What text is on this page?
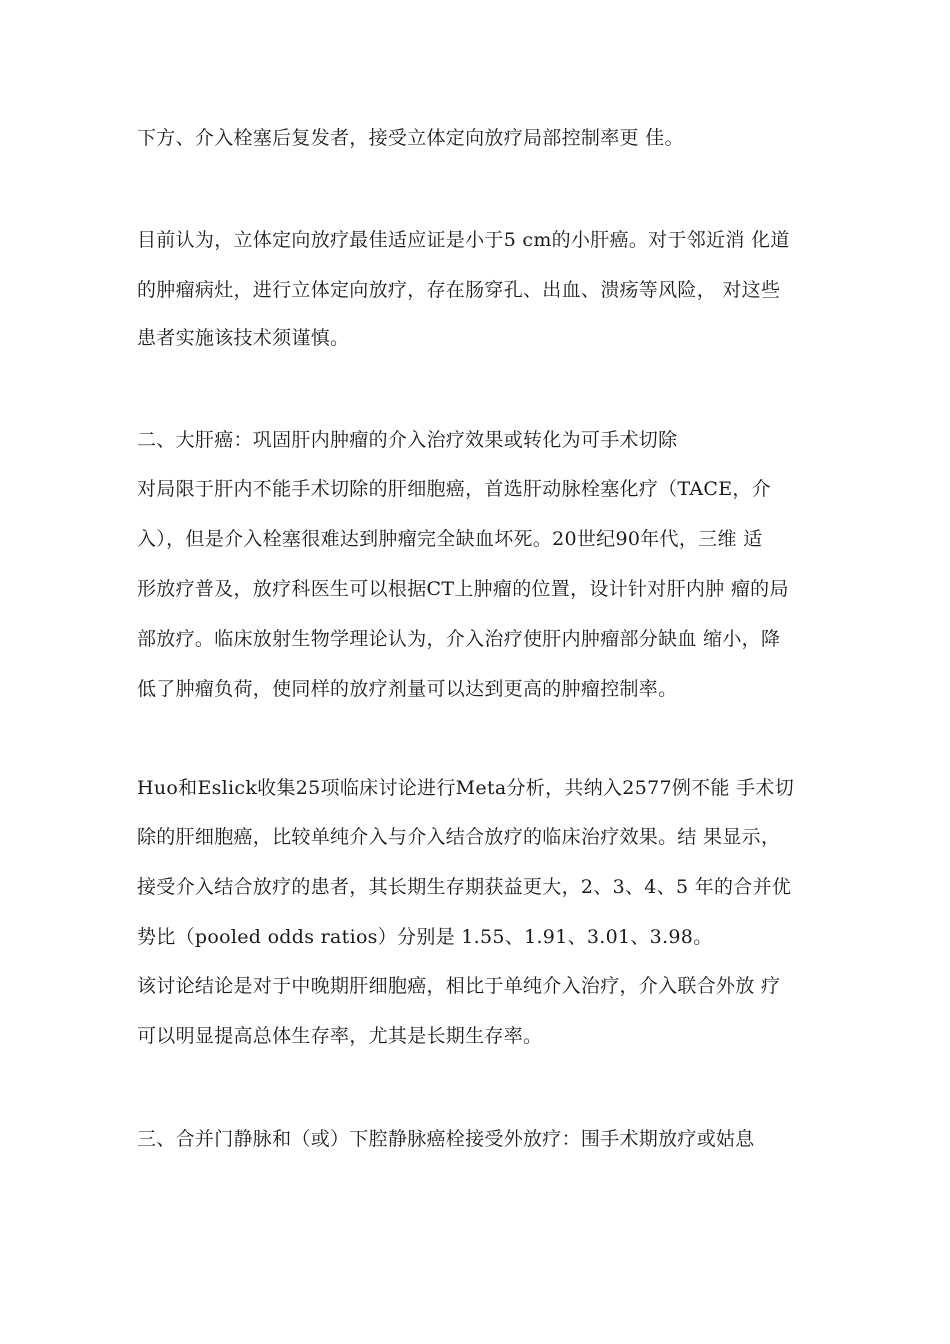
下方、介入栓塞后复发者，接受立体定向放疗局部控制率更 佳。
目前认为，立体定向放疗最佳适应证是小于5 cm的小肝癌。对于邻近消 化道
的肿瘤病灶，进行立体定向放疗，存在肠穿孔、出血、溃疡等风险， 对这些
患者实施该技术须谨慎。
二、大肝癌：巩固肝内肿瘤的介入治疗效果或转化为可手术切除
对局限于肝内不能手术切除的肝细胞癌，首选肝动脉栓塞化疗（TACE，介
入），但是介入栓塞很难达到肿瘤完全缺血坏死。20世纪90年代，三维 适
形放疗普及，放疗科医生可以根据CT上肿瘤的位置，设计针对肝内肿 瘤的局
部放疗。临床放射生物学理论认为，介入治疗使肝内肿瘤部分缺血 缩小，降
低了肿瘤负荷，使同样的放疗剂量可以达到更高的肿瘤控制率。
Huo和Eslick收集25项临床讨论进行Meta分析，共纳入2577例不能 手术切
除的肝细胞癌，比较单纯介入与介入结合放疗的临床治疗效果。结 果显示，
接受介入结合放疗的患者，其长期生存期获益更大，2、3、4、5 年的合并优
势比（pooled odds ratios）分别是 1.55、1.91、3.01、3.98。
该讨论结论是对于中晚期肝细胞癌，相比于单纯介入治疗，介入联合外放 疗
可以明显提高总体生存率，尤其是长期生存率。
三、合并门静脉和（或）下腔静脉癌栓接受外放疗：围手术期放疗或姑息
